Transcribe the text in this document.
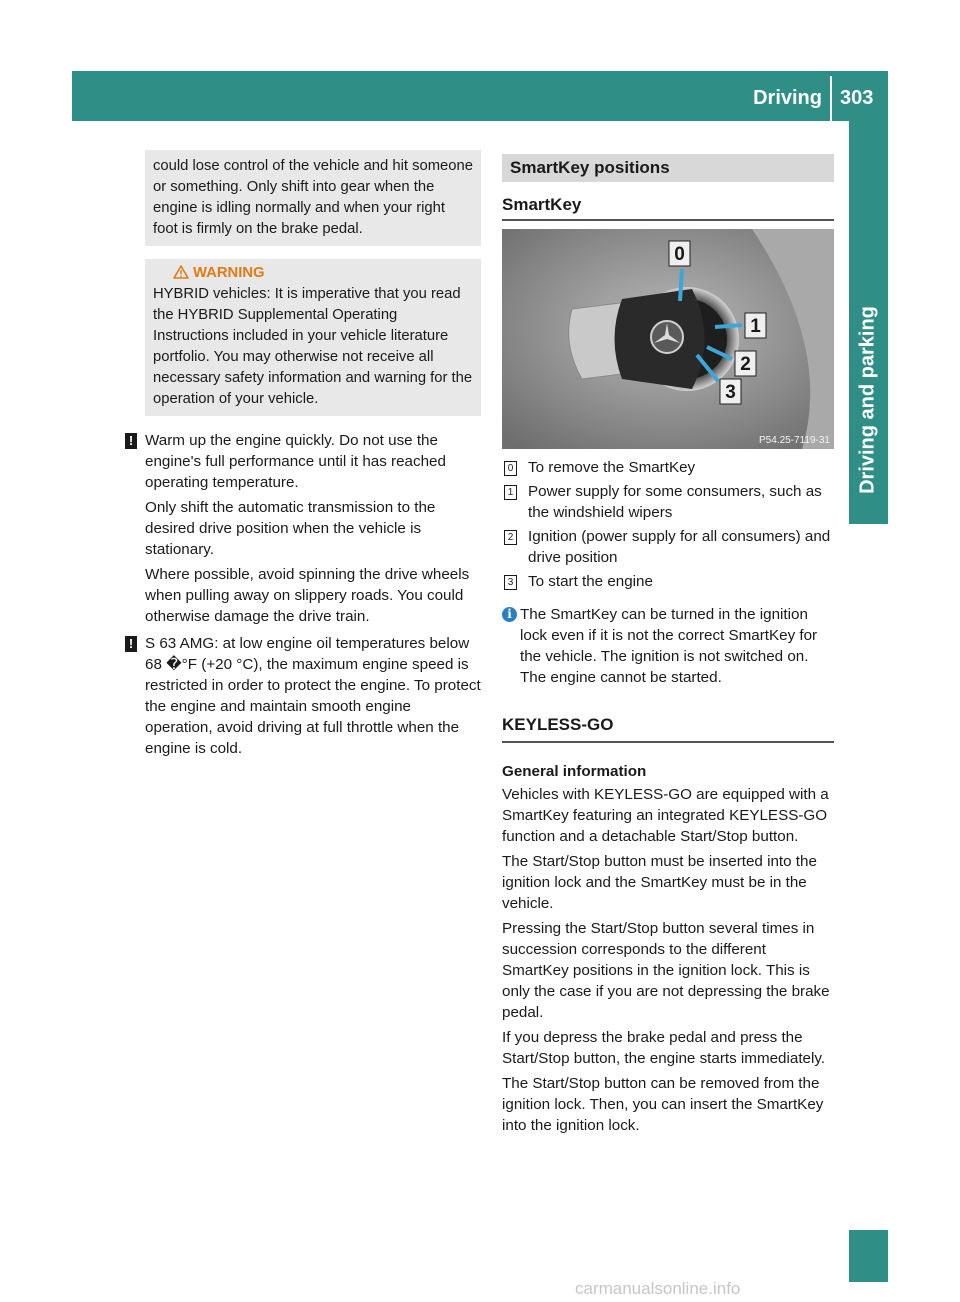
Driving 303
Driving and parking
could lose control of the vehicle and hit someone or something. Only shift into gear when the engine is idling normally and when your right foot is firmly on the brake pedal.
WARNING
HYBRID vehicles: It is imperative that you read the HYBRID Supplemental Operating Instructions included in your vehicle literature portfolio. You may otherwise not receive all necessary safety information and warning for the operation of your vehicle.
! Warm up the engine quickly. Do not use the engine's full performance until it has reached operating temperature.

Only shift the automatic transmission to the desired drive position when the vehicle is stationary.

Where possible, avoid spinning the drive wheels when pulling away on slippery roads. You could otherwise damage the drive train.

! S 63 AMG: at low engine oil temperatures below 68 �°F (+20 °C), the maximum engine speed is restricted in order to protect the engine. To protect the engine and maintain smooth engine operation, avoid driving at full throttle when the engine is cold.

SmartKey positions
SmartKey
0
1
2
3
P54.25-7119-31
0 To remove the SmartKey
1 Power supply for some consumers, such as the windshield wipers
2 Ignition (power supply for all consumers) and drive position
3 To start the engine
i The SmartKey can be turned in the ignition lock even if it is not the correct SmartKey for the vehicle. The ignition is not switched on. The engine cannot be started.
KEYLESS-GO
General information

Vehicles with KEYLESS-GO are equipped with a SmartKey featuring an integrated KEYLESS-GO function and a detachable Start/Stop button.

The Start/Stop button must be inserted into the ignition lock and the SmartKey must be in the vehicle.

Pressing the Start/Stop button several times in succession corresponds to the different SmartKey positions in the ignition lock. This is only the case if you are not depressing the brake pedal.

If you depress the brake pedal and press the Start/Stop button, the engine starts immediately.

The Start/Stop button can be removed from the ignition lock. Then, you can insert the SmartKey into the ignition lock.

carmanualsonline.info
